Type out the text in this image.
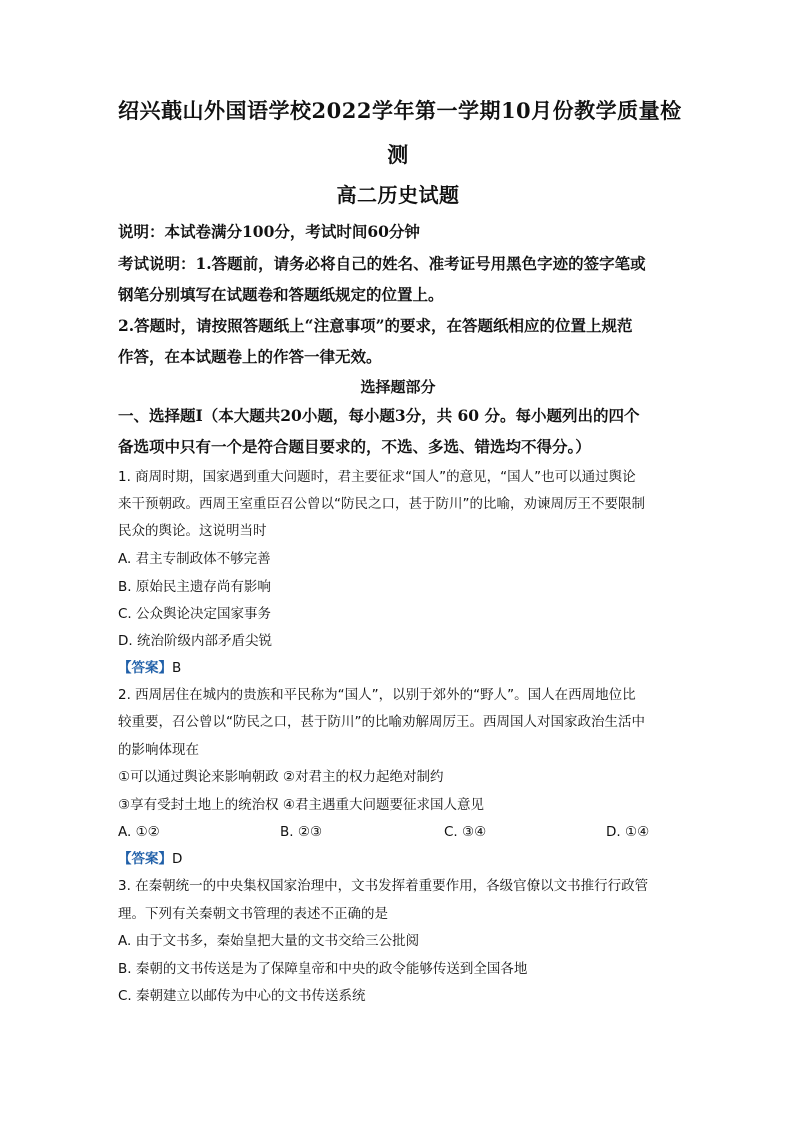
绍兴蕺山外国语学校2022学年第一学期10月份教学质量检
测
高二历史试题
说明：本试卷满分100分，考试时间60分钟
考试说明：1.答题前，请务必将自己的姓名、准考证号用黑色字迹的签字笔或
钢笔分别填写在试题卷和答题纸规定的位置上。
2.答题时，请按照答题纸上“注意事项”的要求，在答题纸相应的位置上规范
作答，在本试题卷上的作答一律无效。
选择题部分
一、选择题Ⅰ（本大题共20小题，每小题3分，共 60 分。每小题列出的四个
备选项中只有一个是符合题目要求的，不选、多选、错选均不得分。）
1. 商周时期，国家遇到重大问题时，君主要征求“国人”的意见，“国人”也可以通过舆论
来干预朝政。西周王室重臣召公曾以“防民之口，甚于防川”的比喻，劝谏周厉王不要限制
民众的舆论。这说明当时
A. 君主专制政体不够完善
B. 原始民主遗存尚有影响
C. 公众舆论决定国家事务
D. 统治阶级内部矛盾尖锐
【答案】B
2. 西周居住在城内的贵族和平民称为“国人”，以别于郊外的“野人”。国人在西周地位比
较重要，召公曾以“防民之口，甚于防川”的比喻劝解周厉王。西周国人对国家政治生活中
的影响体现在
①可以通过舆论来影响朝政 ②对君主的权力起绝对制约
③享有受封土地上的统治权 ④君主遇重大问题要征求国人意见
A. ①②	B. ②③	C. ③④	D. ①④
【答案】D
3. 在秦朝统一的中央集权国家治理中，文书发挥着重要作用，各级官僚以文书推行行政管
理。下列有关秦朝文书管理的表述不正确的是
A. 由于文书多，秦始皇把大量的文书交给三公批阅
B. 秦朝的文书传送是为了保障皇帝和中央的政令能够传送到全国各地
C. 秦朝建立以邮传为中心的文书传送系统
